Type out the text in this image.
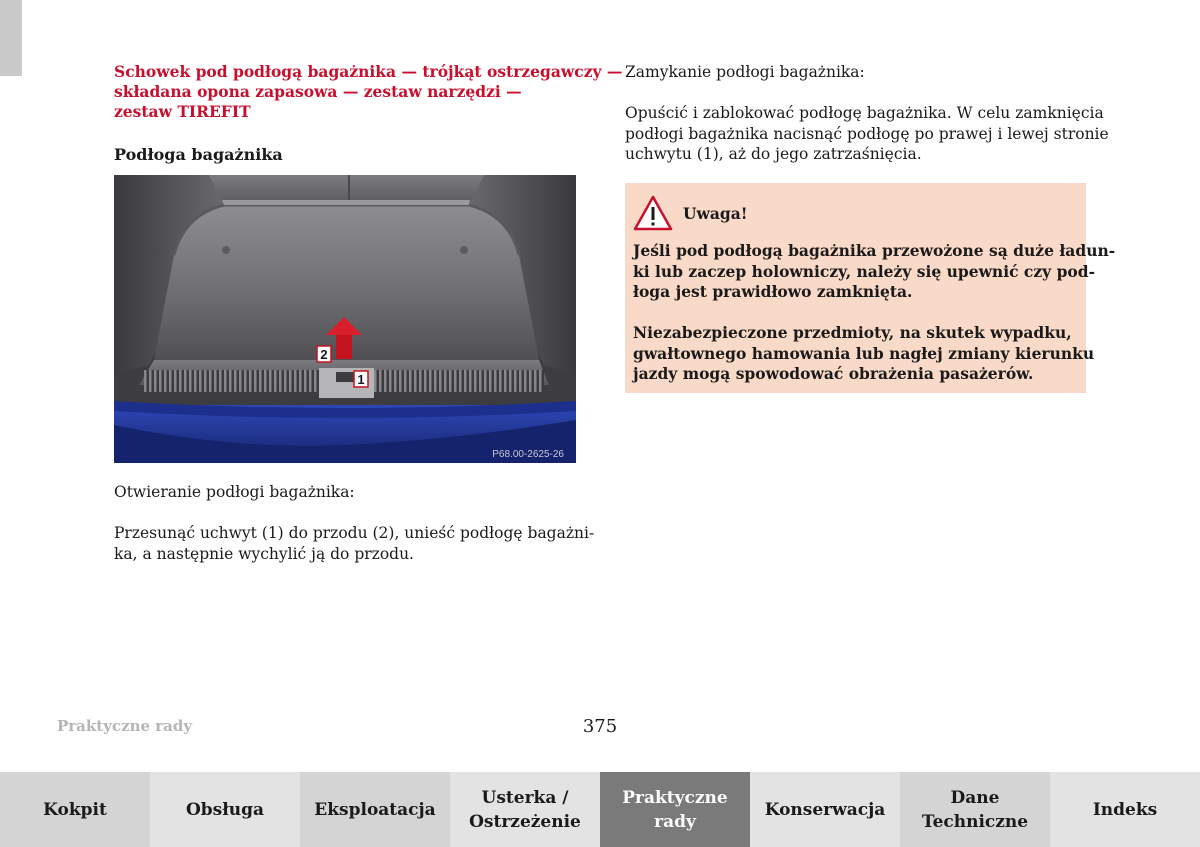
Schowek pod podłogą bagażnika — trójkąt ostrzegawczy —
składana opona zapasowa — zestaw narzędzi —
zestaw TIREFIT
Podłoga bagażnika
2
1
P68.00-2625-26
Otwieranie podłogi bagażnika:
Przesunąć uchwyt (1) do przodu (2), unieść podłogę bagażni-
ka, a następnie wychylić ją do przodu.
Zamykanie podłogi bagażnika:
Opuścić i zablokować podłogę bagażnika. W celu zamknięcia
podłogi bagażnika nacisnąć podłogę po prawej i lewej stronie
uchwytu (1), aż do jego zatrzaśnięcia.
Uwaga!
Jeśli pod podłogą bagażnika przewożone są duże ładun-
ki lub zaczep holowniczy, należy się upewnić czy pod-
łoga jest prawidłowo zamknięta.
Niezabezpieczone przedmioty, na skutek wypadku,
gwałtownego hamowania lub nagłej zmiany kierunku
jazdy mogą spowodować obrażenia pasażerów.
Praktyczne rady	375
Kokpit	Obsługa	Eksploatacja
Usterka /
Ostrzeżenie
Praktyczne
rady
Konserwacja
Dane
Techniczne
Indeks
